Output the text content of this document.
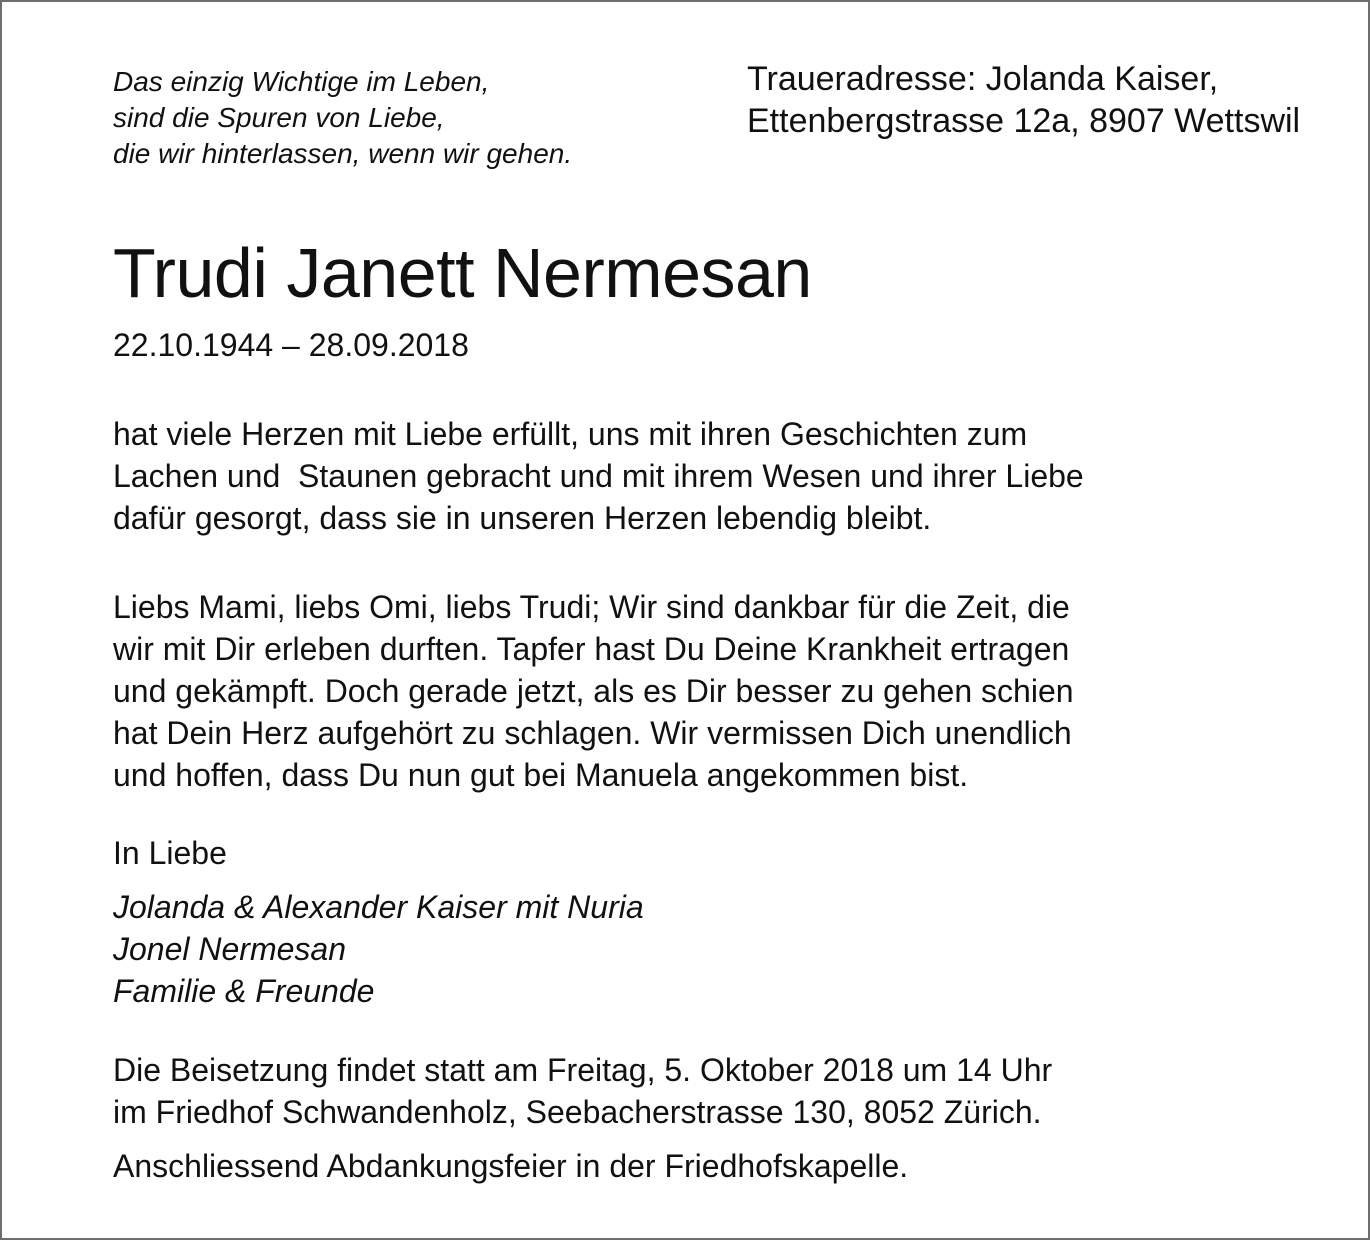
Das einzig Wichtige im Leben,
sind die Spuren von Liebe,
die wir hinterlassen, wenn wir gehen.
Traueradresse: Jolanda Kaiser,
Ettenbergstrasse 12a, 8907 Wettswil
Trudi Janett Nermesan
22.10.1944 – 28.09.2018
hat viele Herzen mit Liebe erfüllt, uns mit ihren Geschichten zum
Lachen und  Staunen gebracht und mit ihrem Wesen und ihrer Liebe
dafür gesorgt, dass sie in unseren Herzen lebendig bleibt.
Liebs Mami, liebs Omi, liebs Trudi; Wir sind dankbar für die Zeit, die
wir mit Dir erleben durften. Tapfer hast Du Deine Krankheit ertragen
und gekämpft. Doch gerade jetzt, als es Dir besser zu gehen schien
hat Dein Herz aufgehört zu schlagen. Wir vermissen Dich unendlich
und hoffen, dass Du nun gut bei Manuela angekommen bist.
In Liebe
Jolanda & Alexander Kaiser mit Nuria
Jonel Nermesan
Familie & Freunde
Die Beisetzung findet statt am Freitag, 5. Oktober 2018 um 14 Uhr
im Friedhof Schwandenholz, Seebacherstrasse 130, 8052 Zürich.
Anschliessend Abdankungsfeier in der Friedhofskapelle.
